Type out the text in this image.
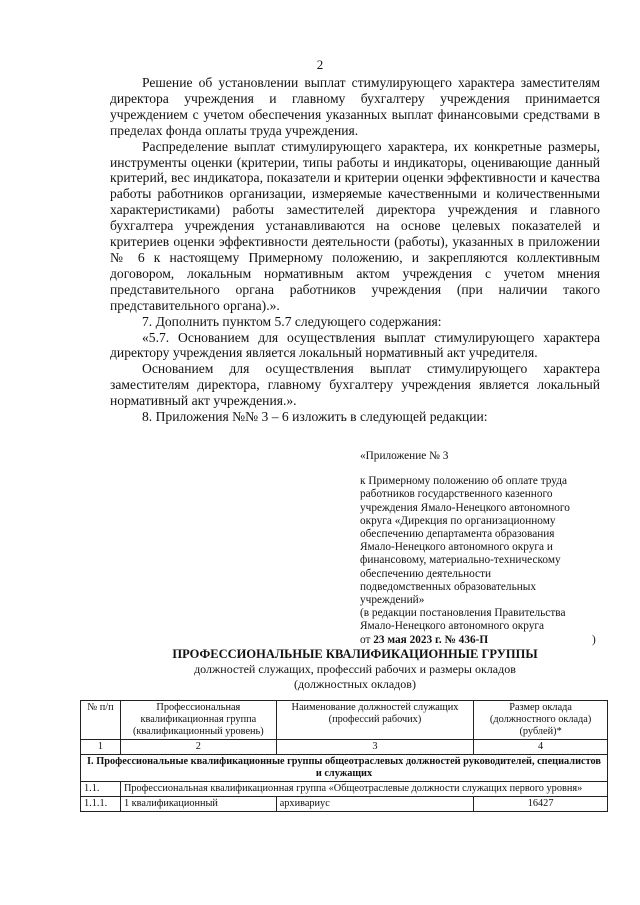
2

Решение об установлении выплат стимулирующего характера заместителям директора учреждения и главному бухгалтеру учреждения принимается учреждением с учетом обеспечения указанных выплат финансовыми средствами в пределах фонда оплаты труда учреждения.

Распределение выплат стимулирующего характера, их конкретные размеры, инструменты оценки (критерии, типы работы и индикаторы, оценивающие данный критерий, вес индикатора, показатели и критерии оценки эффективности и качества работы работников организации, измеряемые качественными и количественными характеристиками) работы заместителей директора учреждения и главного бухгалтера учреждения устанавливаются на основе целевых показателей и критериев оценки эффективности деятельности (работы), указанных в приложении № 6 к настоящему Примерному положению, и закрепляются коллективным договором, локальным нормативным актом учреждения с учетом мнения представительного органа работников учреждения (при наличии такого представительного органа).».

7. Дополнить пунктом 5.7 следующего содержания:

«5.7. Основанием для осуществления выплат стимулирующего характера директору учреждения является локальный нормативный акт учредителя.

Основанием для осуществления выплат стимулирующего характера заместителям директора, главному бухгалтеру учреждения является локальный нормативный акт учреждения.».

8. Приложения №№ 3 – 6 изложить в следующей редакции:

«Приложение № 3
к Примерному положению об оплате труда
работников государственного казенного
учреждения Ямало-Ненецкого автономного
округа «Дирекция по организационному
обеспечению департамента образования
Ямало-Ненецкого автономного округа и
финансовому, материально-техническому
обеспечению деятельности
подведомственных образовательных
учреждений»
(в редакции постановления Правительства
Ямало-Ненецкого автономного округа
от 23 мая 2023 г. № 436-П	)
ПРОФЕССИОНАЛЬНЫЕ КВАЛИФИКАЦИОННЫЕ ГРУППЫ
должностей служащих, профессий рабочих и размеры окладов
(должностных окладов)
№ п/п	Профессиональная квалификационная группа (квалификационный уровень)	Наименование должностей служащих (профессий рабочих)	Размер оклада (должностного оклада) (рублей)*
1	2	3	4
I. Профессиональные квалификационные группы общеотраслевых должностей руководителей, специалистов и служащих			
1.1.	Профессиональная квалификационная группа «Общеотраслевые должности служащих первого уровня»		
1.1.1.	1 квалификационный	архивариус	16427
